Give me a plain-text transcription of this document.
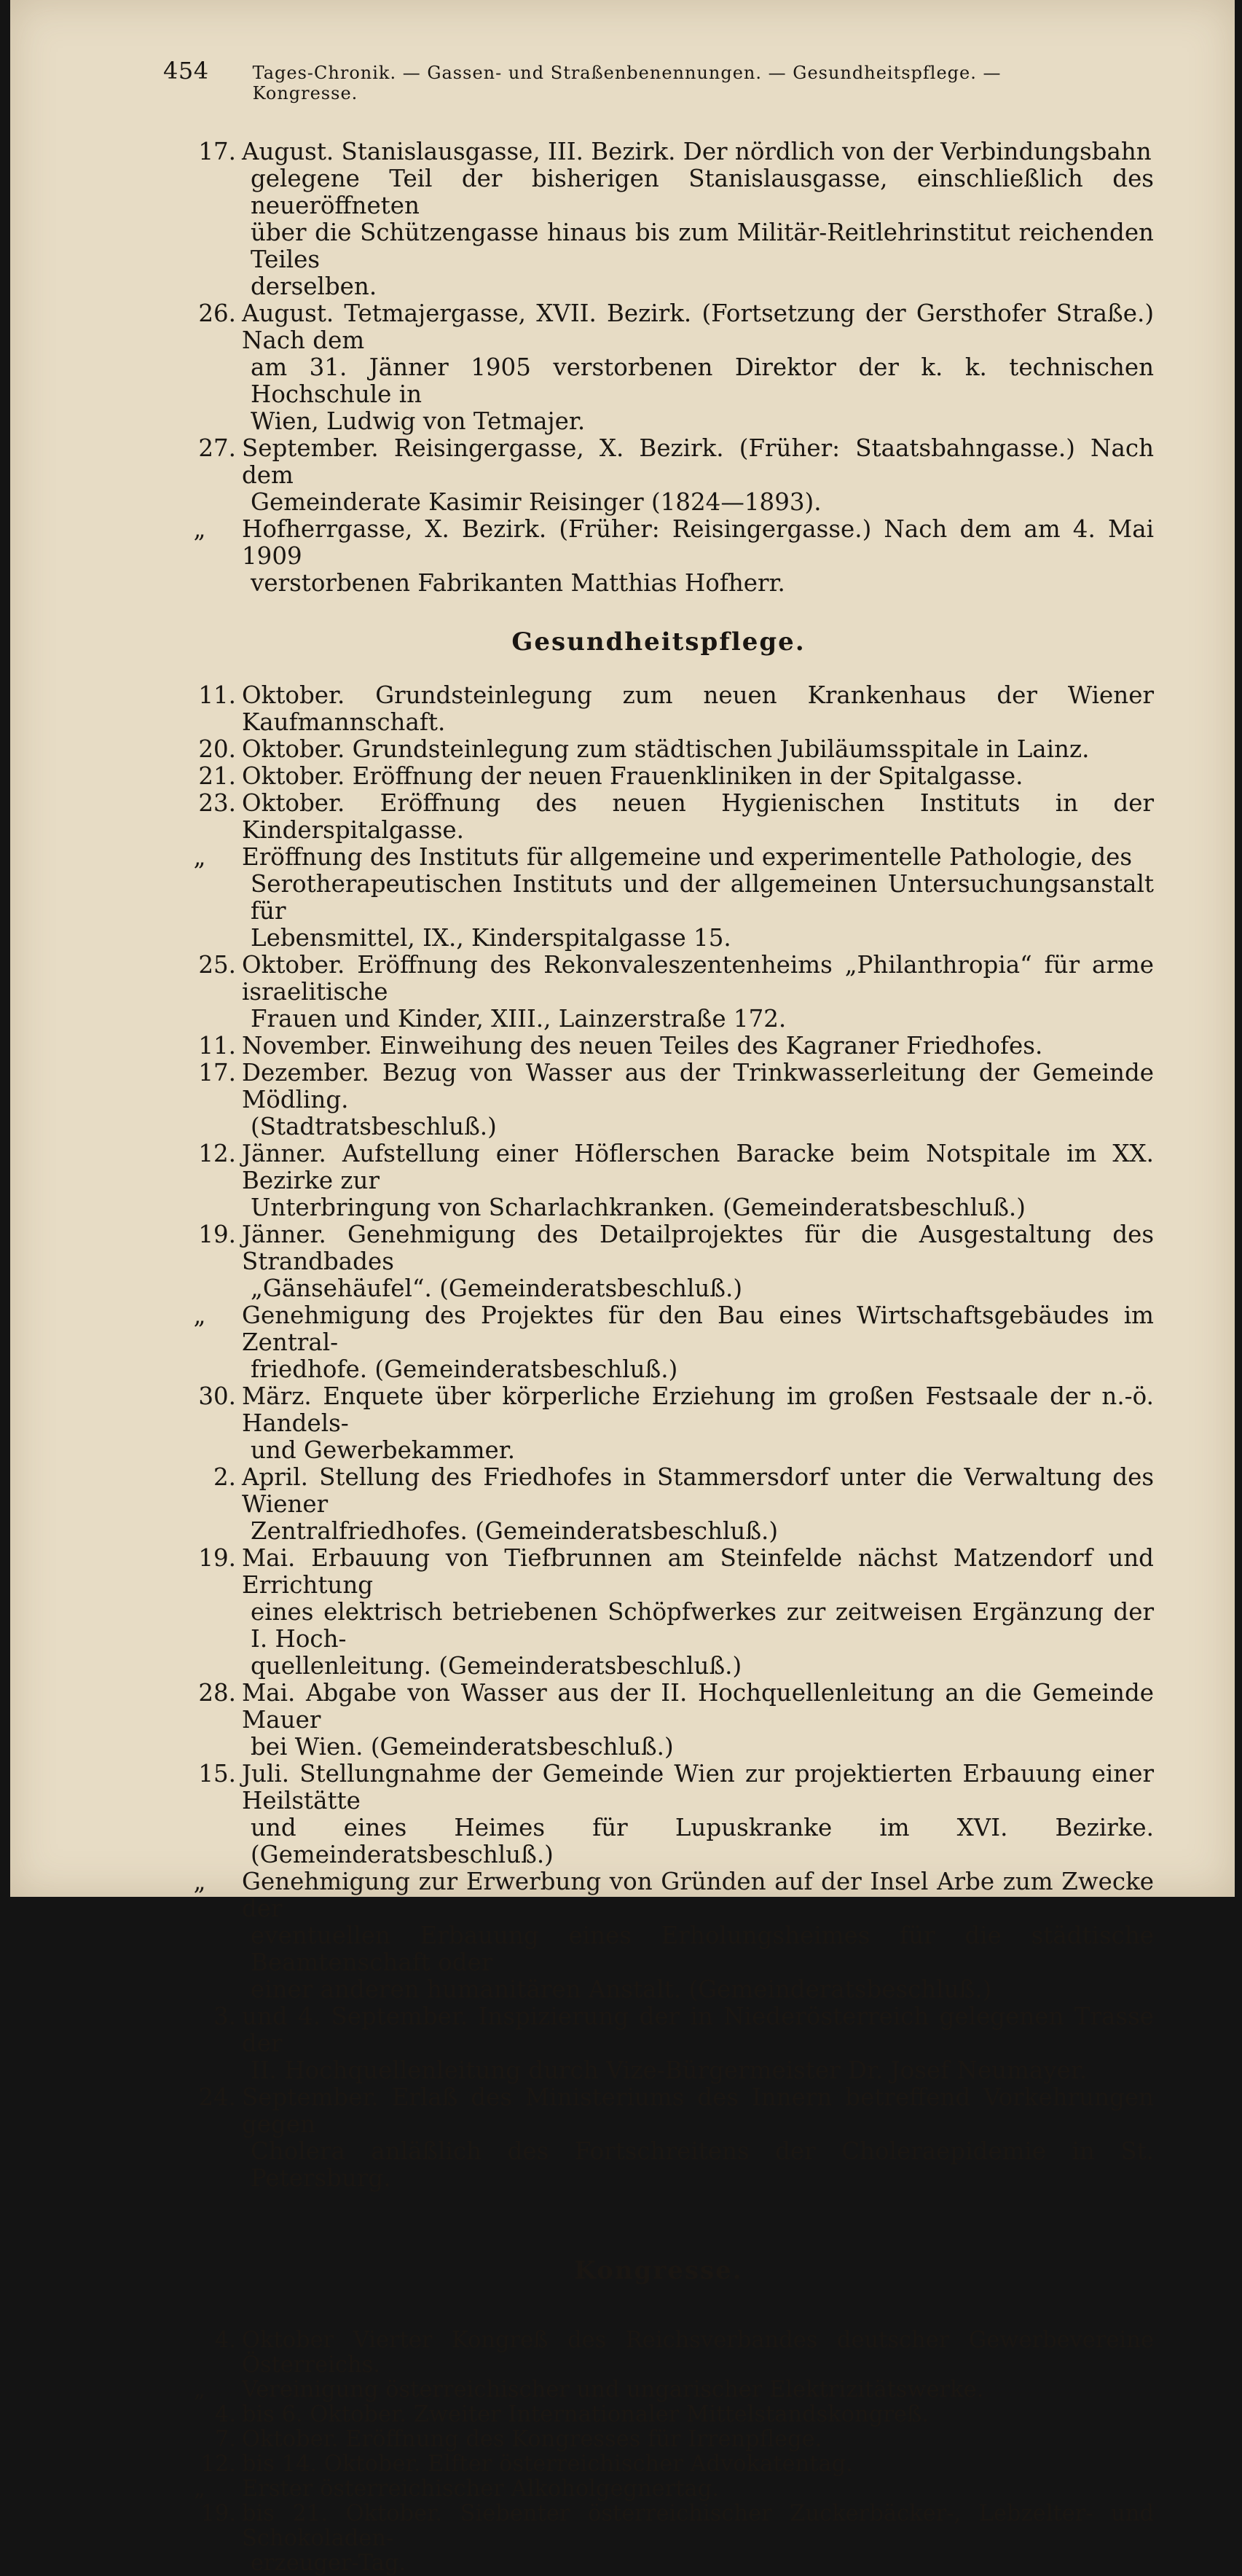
454	Tages-Chronik. — Gassen- und Straßenbenennungen. — Gesundheitspflege. — Kongresse.
17. August. Stanislausgasse, III. Bezirk. Der nördlich von der Verbindungsbahn
gelegene Teil der bisherigen Stanislausgasse, einschließlich des neueröffneten
über die Schützengasse hinaus bis zum Militär-Reitlehrinstitut reichenden Teiles
derselben.
26. August. Tetmajergasse, XVII. Bezirk. (Fortsetzung der Gersthofer Straße.) Nach dem
am 31. Jänner 1905 verstorbenen Direktor der k. k. technischen Hochschule in
Wien, Ludwig von Tetmajer.
27. September. Reisingergasse, X. Bezirk. (Früher: Staatsbahngasse.) Nach dem
Gemeinderate Kasimir Reisinger (1824—1893).
„	Hofherrgasse, X. Bezirk. (Früher: Reisingergasse.) Nach dem am 4. Mai 1909
verstorbenen Fabrikanten Matthias Hofherr.
Gesundheitspflege.
11. Oktober. Grundsteinlegung zum neuen Krankenhaus der Wiener Kaufmannschaft.
20. Oktober. Grundsteinlegung zum städtischen Jubiläumsspitale in Lainz.
21. Oktober. Eröffnung der neuen Frauenkliniken in der Spitalgasse.
23. Oktober. Eröffnung des neuen Hygienischen Instituts in der Kinderspitalgasse.
„	Eröffnung des Instituts für allgemeine und experimentelle Pathologie, des
Serotherapeutischen Instituts und der allgemeinen Untersuchungsanstalt für
Lebensmittel, IX., Kinderspitalgasse 15.
25. Oktober. Eröffnung des Rekonvaleszentenheims „Philanthropia“ für arme israelitische
Frauen und Kinder, XIII., Lainzerstraße 172.
11. November. Einweihung des neuen Teiles des Kagraner Friedhofes.
17. Dezember. Bezug von Wasser aus der Trinkwasserleitung der Gemeinde Mödling.
(Stadtratsbeschluß.)
12. Jänner. Aufstellung einer Höflerschen Baracke beim Notspitale im XX. Bezirke zur
Unterbringung von Scharlachkranken. (Gemeinderatsbeschluß.)
19. Jänner. Genehmigung des Detailprojektes für die Ausgestaltung des Strandbades
„Gänsehäufel“. (Gemeinderatsbeschluß.)
„	Genehmigung des Projektes für den Bau eines Wirtschaftsgebäudes im Zentral-
friedhofe. (Gemeinderatsbeschluß.)
30. März. Enquete über körperliche Erziehung im großen Festsaale der n.-ö. Handels-
und Gewerbekammer.
2. April. Stellung des Friedhofes in Stammersdorf unter die Verwaltung des Wiener
Zentralfriedhofes. (Gemeinderatsbeschluß.)
19. Mai. Erbauung von Tiefbrunnen am Steinfelde nächst Matzendorf und Errichtung
eines elektrisch betriebenen Schöpfwerkes zur zeitweisen Ergänzung der I. Hoch-
quellenleitung. (Gemeinderatsbeschluß.)
28. Mai. Abgabe von Wasser aus der II. Hochquellenleitung an die Gemeinde Mauer
bei Wien. (Gemeinderatsbeschluß.)
15. Juli. Stellungnahme der Gemeinde Wien zur projektierten Erbauung einer Heilstätte
und eines Heimes für Lupuskranke im XVI. Bezirke. (Gemeinderatsbeschluß.)
„	Genehmigung zur Erwerbung von Gründen auf der Insel Arbe zum Zwecke der
eventuellen Erbauung eines Erholungsheimes für die städtische Beamtenschaft oder
einer anderen humanitären Anstalt. (Gemeinderatsbeschluß.)
3. und 4. September. Inspizierung der in Niederösterreich gelegenen Trasse der
II. Hochquellenleitung durch Vize-Bürgermeister Dr. Josef Neumayer.
24. September. Erlaß des Ministeriums des Innern betreffend Vorkehrungen gegen
Cholera anläßlich des Fortschreitens der Choleraepidemie in St. Petersburg.
Kongresse.
4. Oktober Vierter Kongreß des Reichsverbandes deutscher Gewerbevereine Österreichs.
„	Vereinigung österreichischer und ungarischer Elektrizitätswerke.
4. bis 6. Oktober. Zweiter Internationaler Mittelstandskongreß.
7. Oktober. Eröffnung des Kongresses für Irrenpflege.
12. bis 14. Oktober. Elfter österreichischer Advokatentag.
„	Erster österreichischer Alkoholgegnertag.
19. bis 21. Oktober. Siebenter österreichischer Zuckerbäcker-, Lebzelter- und Schokoladen-
erzeuger-Tag.
